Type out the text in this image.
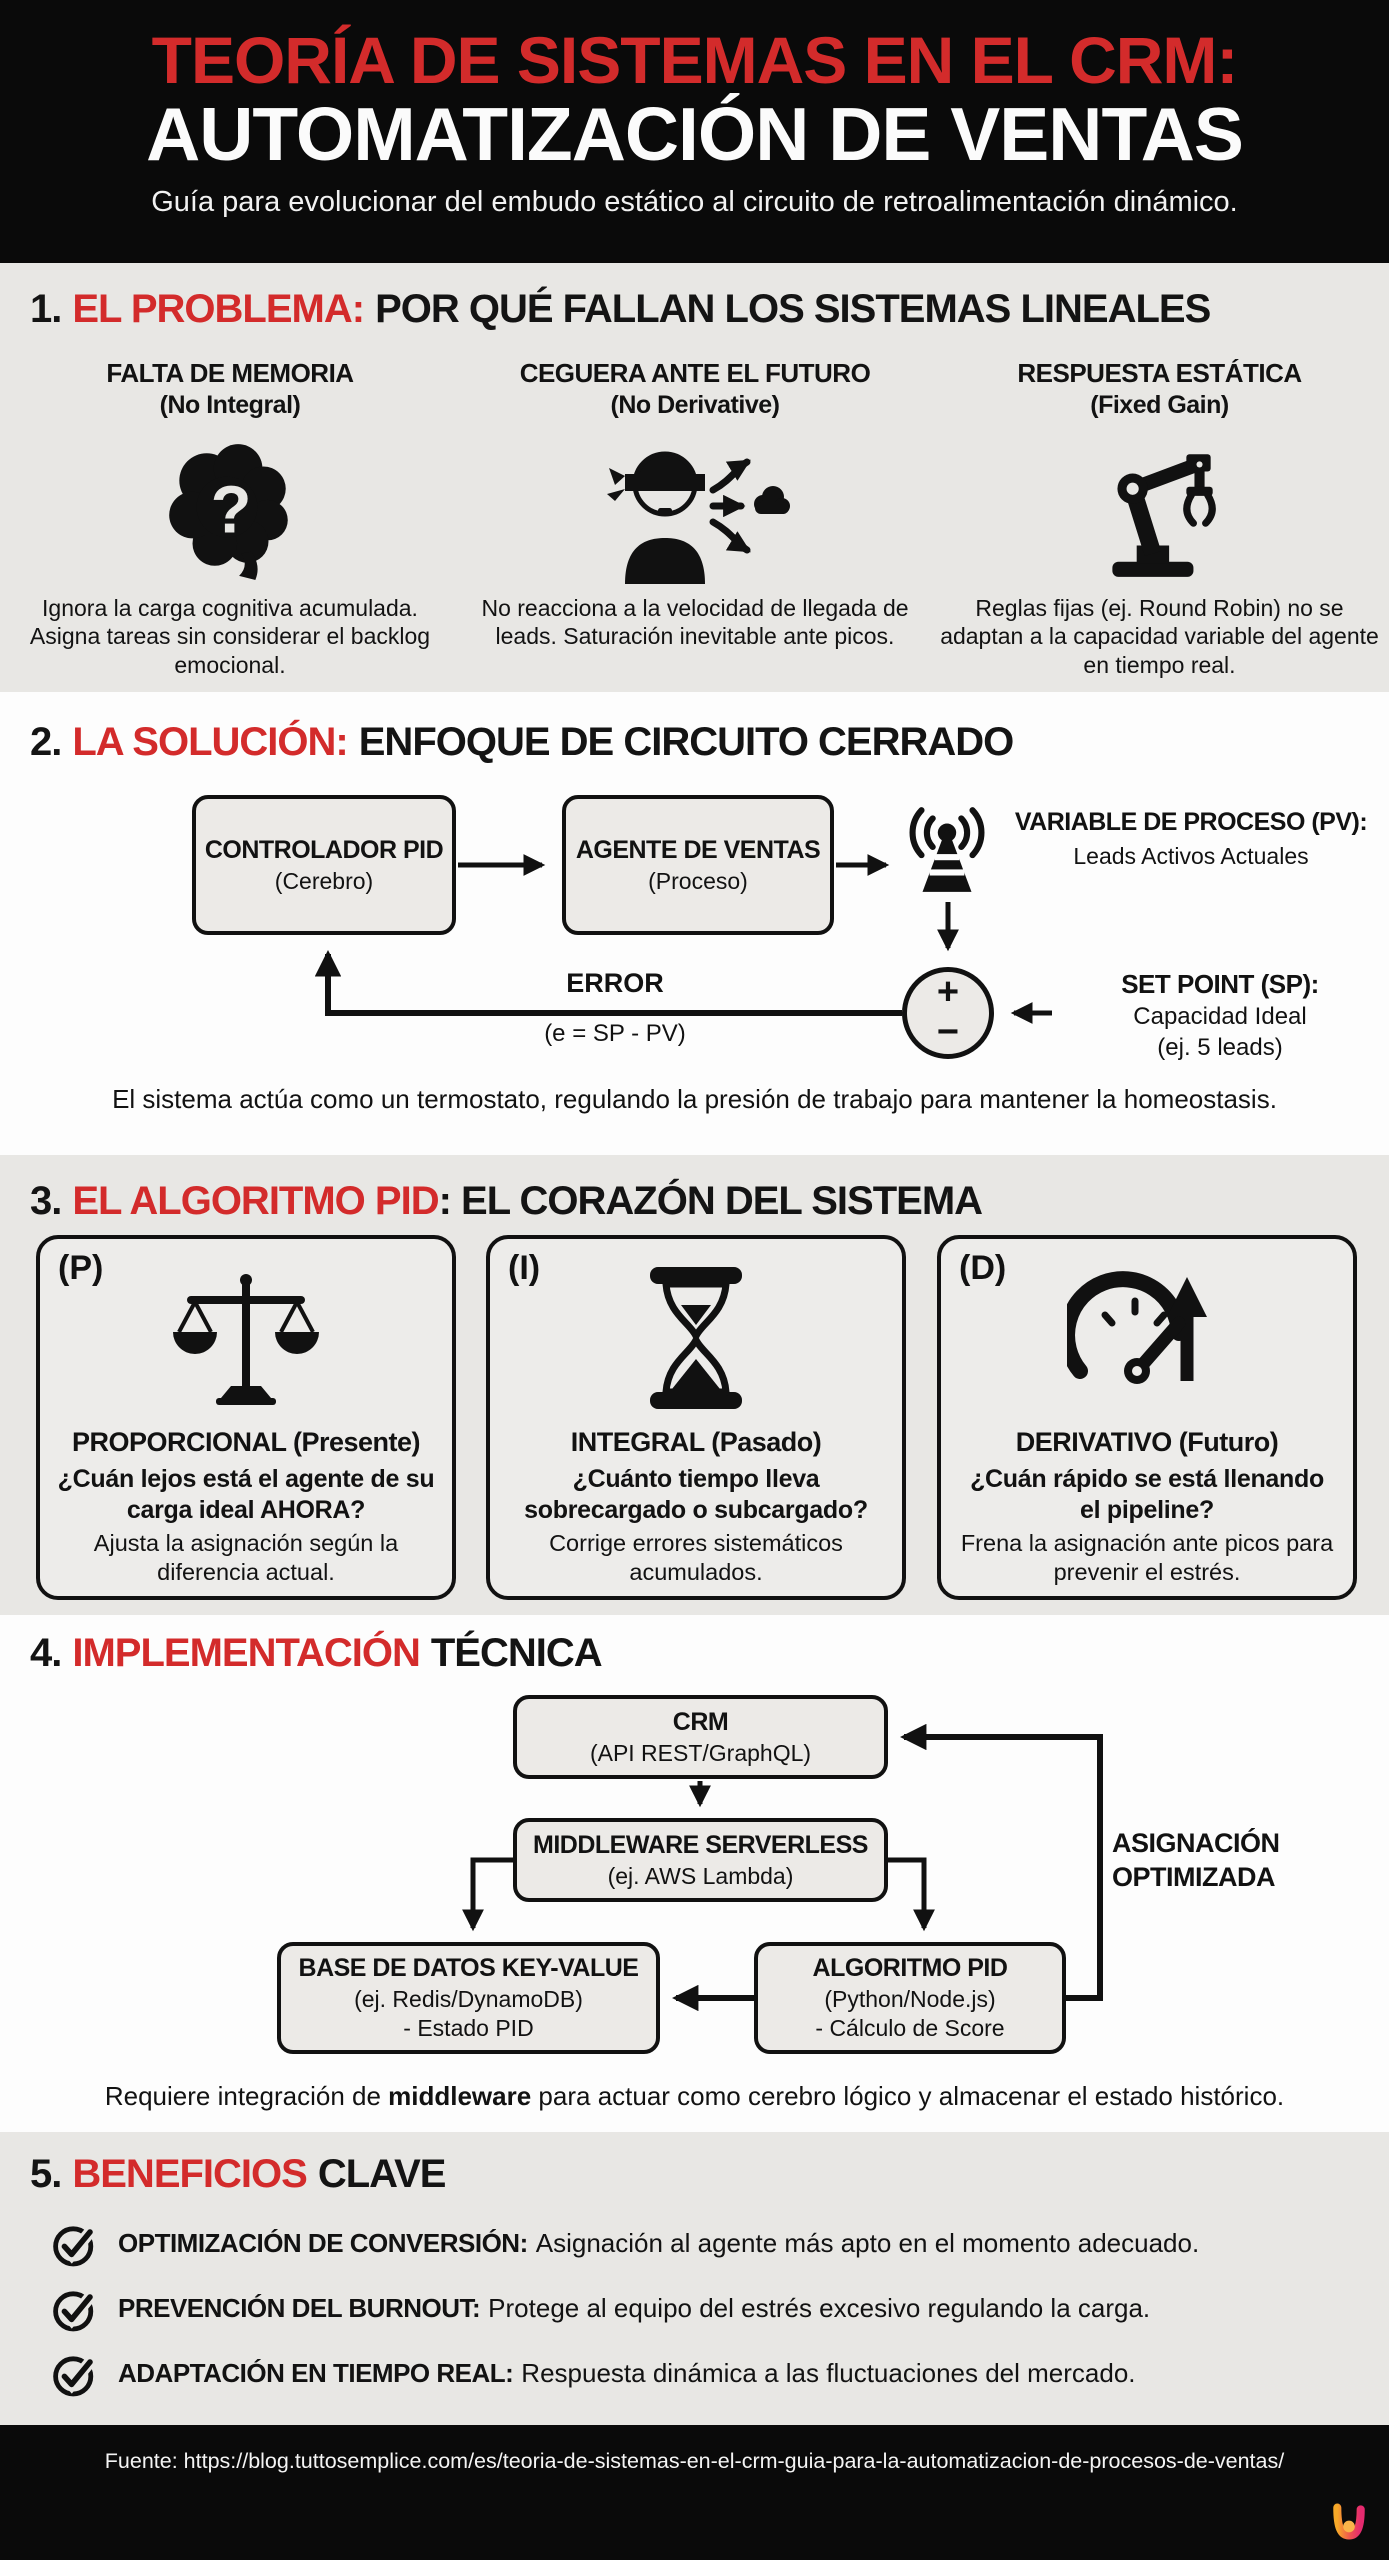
TEORÍA DE SISTEMAS EN EL CRM:
AUTOMATIZACIÓN DE VENTAS
Guía para evolucionar del embudo estático al circuito de retroalimentación dinámico.
1. EL PROBLEMA: POR QUÉ FALLAN LOS SISTEMAS LINEALES
FALTA DE MEMORIA
(No Integral)
?
Ignora la carga cognitiva acumulada. Asigna tareas sin considerar el backlog emocional.
CEGUERA ANTE EL FUTURO
(No Derivative)
No reacciona a la velocidad de llegada de leads. Saturación inevitable ante picos.
RESPUESTA ESTÁTICA
(Fixed Gain)
Reglas fijas (ej. Round Robin) no se adaptan a la capacidad variable del agente en tiempo real.
2. LA SOLUCIÓN: ENFOQUE DE CIRCUITO CERRADO
CONTROLADOR PID
(Cerebro)
AGENTE DE VENTAS
(Proceso)
VARIABLE DE PROCESO (PV):
Leads Activos Actuales
ERROR
(e = SP - PV)
+
−
SET POINT (SP):
Capacidad Ideal
(ej. 5 leads)
El sistema actúa como un termostato, regulando la presión de trabajo para mantener la homeostasis.
3. EL ALGORITMO PID: EL CORAZÓN DEL SISTEMA
(P)
PROPORCIONAL (Presente)
¿Cuán lejos está el agente de su carga ideal AHORA?
Ajusta la asignación según la diferencia actual.
(I)
INTEGRAL (Pasado)
¿Cuánto tiempo lleva sobrecargado o subcargado?
Corrige errores sistemáticos acumulados.
(D)
DERIVATIVO (Futuro)
¿Cuán rápido se está llenando el pipeline?
Frena la asignación ante picos para prevenir el estrés.
4. IMPLEMENTACIÓN TÉCNICA
CRM
(API REST/GraphQL)
MIDDLEWARE SERVERLESS
(ej. AWS Lambda)
BASE DE DATOS KEY-VALUE
(ej. Redis/DynamoDB)
- Estado PID
ALGORITMO PID
(Python/Node.js)
- Cálculo de Score
ASIGNACIÓN
OPTIMIZADA
Requiere integración de middleware para actuar como cerebro lógico y almacenar el estado histórico.
5. BENEFICIOS CLAVE
OPTIMIZACIÓN DE CONVERSIÓN: Asignación al agente más apto en el momento adecuado.
PREVENCIÓN DEL BURNOUT: Protege al equipo del estrés excesivo regulando la carga.
ADAPTACIÓN EN TIEMPO REAL: Respuesta dinámica a las fluctuaciones del mercado.

Fuente: https://blog.tuttosemplice.com/es/teoria-de-sistemas-en-el-crm-guia-para-la-automatizacion-de-procesos-de-ventas/
